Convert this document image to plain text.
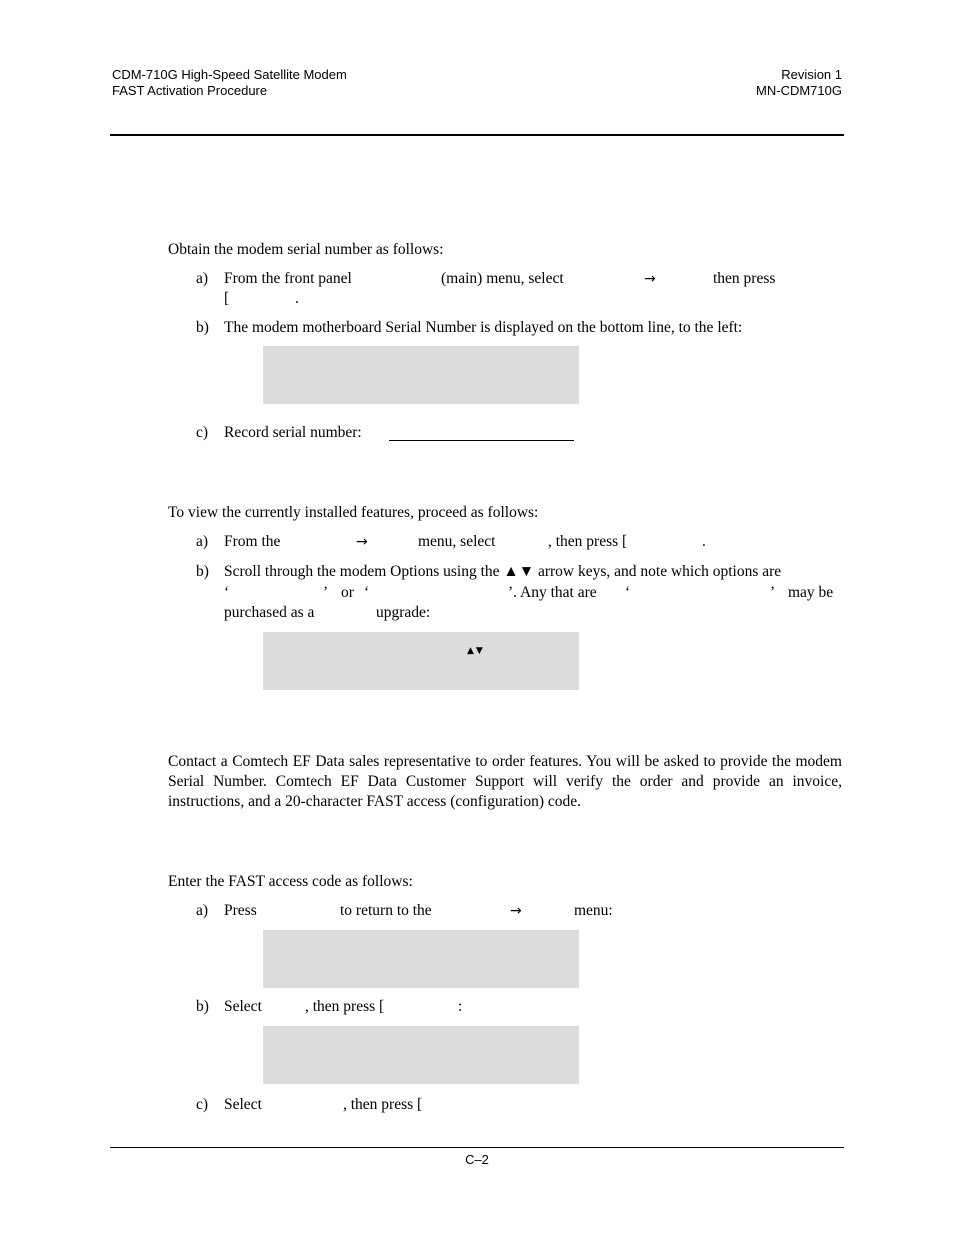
CDM-710G High-Speed Satellite Modem
FAST Activation Procedure
Revision 1
MN-CDM710G
Obtain the modem serial number as follows:
a) From the front panel	(main) menu, select	→	then press
[	.
b) The modem motherboard Serial Number is displayed on the bottom line, to the left:
c) Record serial number:
To view the currently installed features, proceed as follows:
a) From the	→	menu, select	, then press [	.
b) Scroll through the modem Options using the ▲▼ arrow keys, and note which options are
‘	’ or ‘	’. Any that are ‘	’ may be
purchased as a	upgrade:
▲▼
Contact a Comtech EF Data sales representative to order features. You will be asked to provide the modem Serial Number. Comtech EF Data Customer Support will verify the order and provide an invoice, instructions, and a 20-character FAST access (configuration) code.
Enter the FAST access code as follows:
a) Press	to return to the	→	menu:
b) Select	, then press [	:
c) Select	, then press [
C–2
